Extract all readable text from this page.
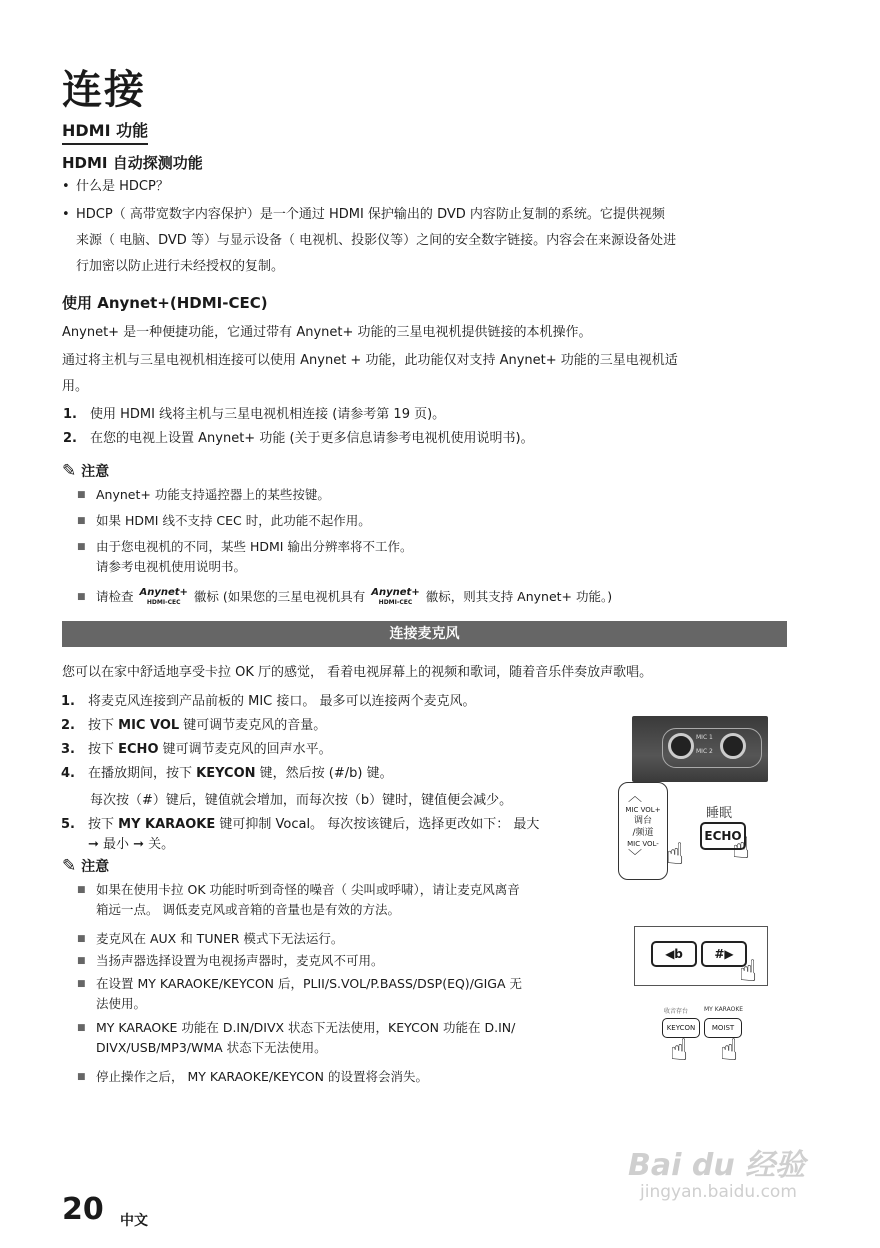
连接
HDMI 功能
HDMI 自动探测功能
• 什么是 HDCP？
• HDCP（ 高带宽数字内容保护）是一个通过 HDMI 保护输出的 DVD 内容防止复制的系统。它提供视频
来源（ 电脑、DVD 等）与显示设备（ 电视机、投影仪等）之间的安全数字链接。内容会在来源设备处进
行加密以防止进行未经授权的复制。
使用 Anynet+(HDMI-CEC)
Anynet+ 是一种便捷功能，它通过带有 Anynet+ 功能的三星电视机提供链接的本机操作。
通过将主机与三星电视机相连接可以使用 Anynet + 功能，此功能仅对支持 Anynet+ 功能的三星电视机适
用。
1. 使用 HDMI 线将主机与三星电视机相连接 (请参考第 19 页)。
2. 在您的电视上设置 Anynet+ 功能 (关于更多信息请参考电视机使用说明书)。
✎ 注意
■ Anynet+ 功能支持遥控器上的某些按键。
■ 如果 HDMI 线不支持 CEC 时，此功能不起作用。
■ 由于您电视机的不同，某些 HDMI 输出分辨率将不工作。
请参考电视机使用说明书。
■ 请检查 Anynet+
HDMI-CEC	徽标 (如果您的三星电视机具有 Anynet+
HDMI-CEC	徽标，则其支持 Anynet+ 功能。)
连接麦克风
您可以在家中舒适地享受卡拉 OK 厅的感觉， 看着电视屏幕上的视频和歌词，随着音乐伴奏放声歌唱。
1. 将麦克风连接到产品前板的 MIC 接口。 最多可以连接两个麦克风。
2. 按下 MIC VOL 键可调节麦克风的音量。
3. 按下 ECHO 键可调节麦克风的回声水平。
4. 在播放期间，按下 KEYCON 键，然后按 (#/b) 键。
每次按（#）键后，键值就会增加，而每次按（b）键时，键值便会减少。
5. 按下 MY KARAOKE 键可抑制 Vocal。 每次按该键后，选择更改如下： 最大
➞ 最小 ➞ 关。
✎ 注意
■ 如果在使用卡拉 OK 功能时听到奇怪的噪音（ 尖叫或呼啸），请让麦克风离音
箱远一点。 调低麦克风或音箱的音量也是有效的方法。
■ 麦克风在 AUX 和 TUNER 模式下无法运行。
■ 当扬声器选择设置为电视扬声器时，麦克风不可用。
■ 在设置 MY KARAOKE/KEYCON 后，PLII/S.VOL/P.BASS/DSP(EQ)/GIGA 无
法使用。
■ MY KARAOKE 功能在 D.IN/DIVX 状态下无法使用，KEYCON 功能在 D.IN/
DIVX/USB/MP3/WMA 状态下无法使用。
■ 停止操作之后， MY KARAOKE/KEYCON 的设置将会消失。
MIC 1
MIC 2
︿
MIC VOL+
调台
/频道
MIC VOL-
﹀
睡眠
ECHO
☝ ☝
◀b	#▶ ☝
收音存台	MY KARAOKE
KEYCON	MOIST
☝ ☝
Bai du 经验
jingyan.baidu.com
20 中文
